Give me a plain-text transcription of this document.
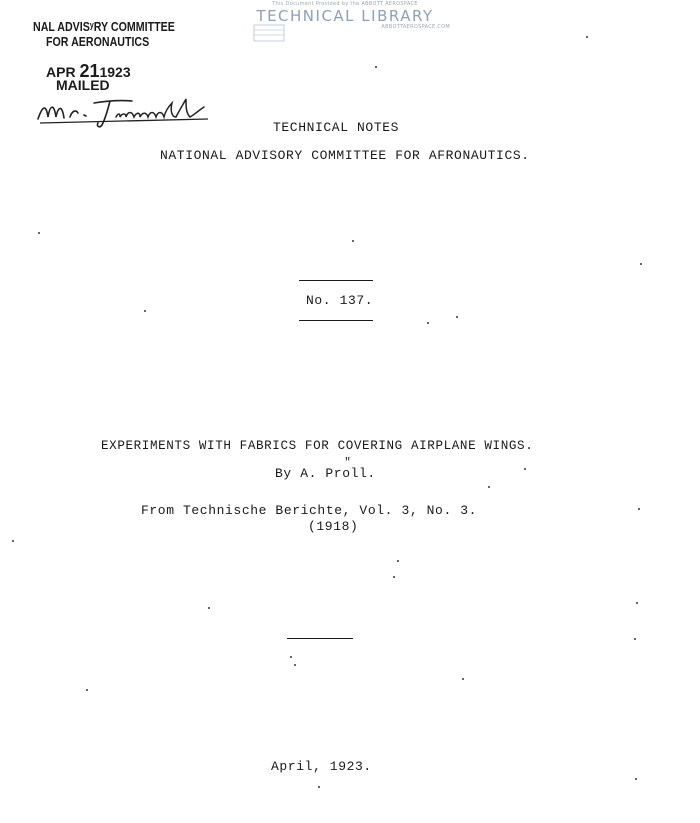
This Document Provided by the ABBOTT AEROSPACE
TECHNICAL LIBRARY
ABBOTTAEROSPACE.COM
NAL ADVISʸRY COMMITTEE
FOR AERONAUTICS
APR 211923
MAILED
TECHNICAL NOTES
NATIONAL ADVISORY COMMITTEE FOR AFRONAUTICS.
No. 137.
EXPERIMENTS WITH FABRICS FOR COVERING AIRPLANE WINGS.
By A. Pr
"
oll.
From Technische Berichte, Vol. 3, No. 3.
(1918)
April, 1923.
